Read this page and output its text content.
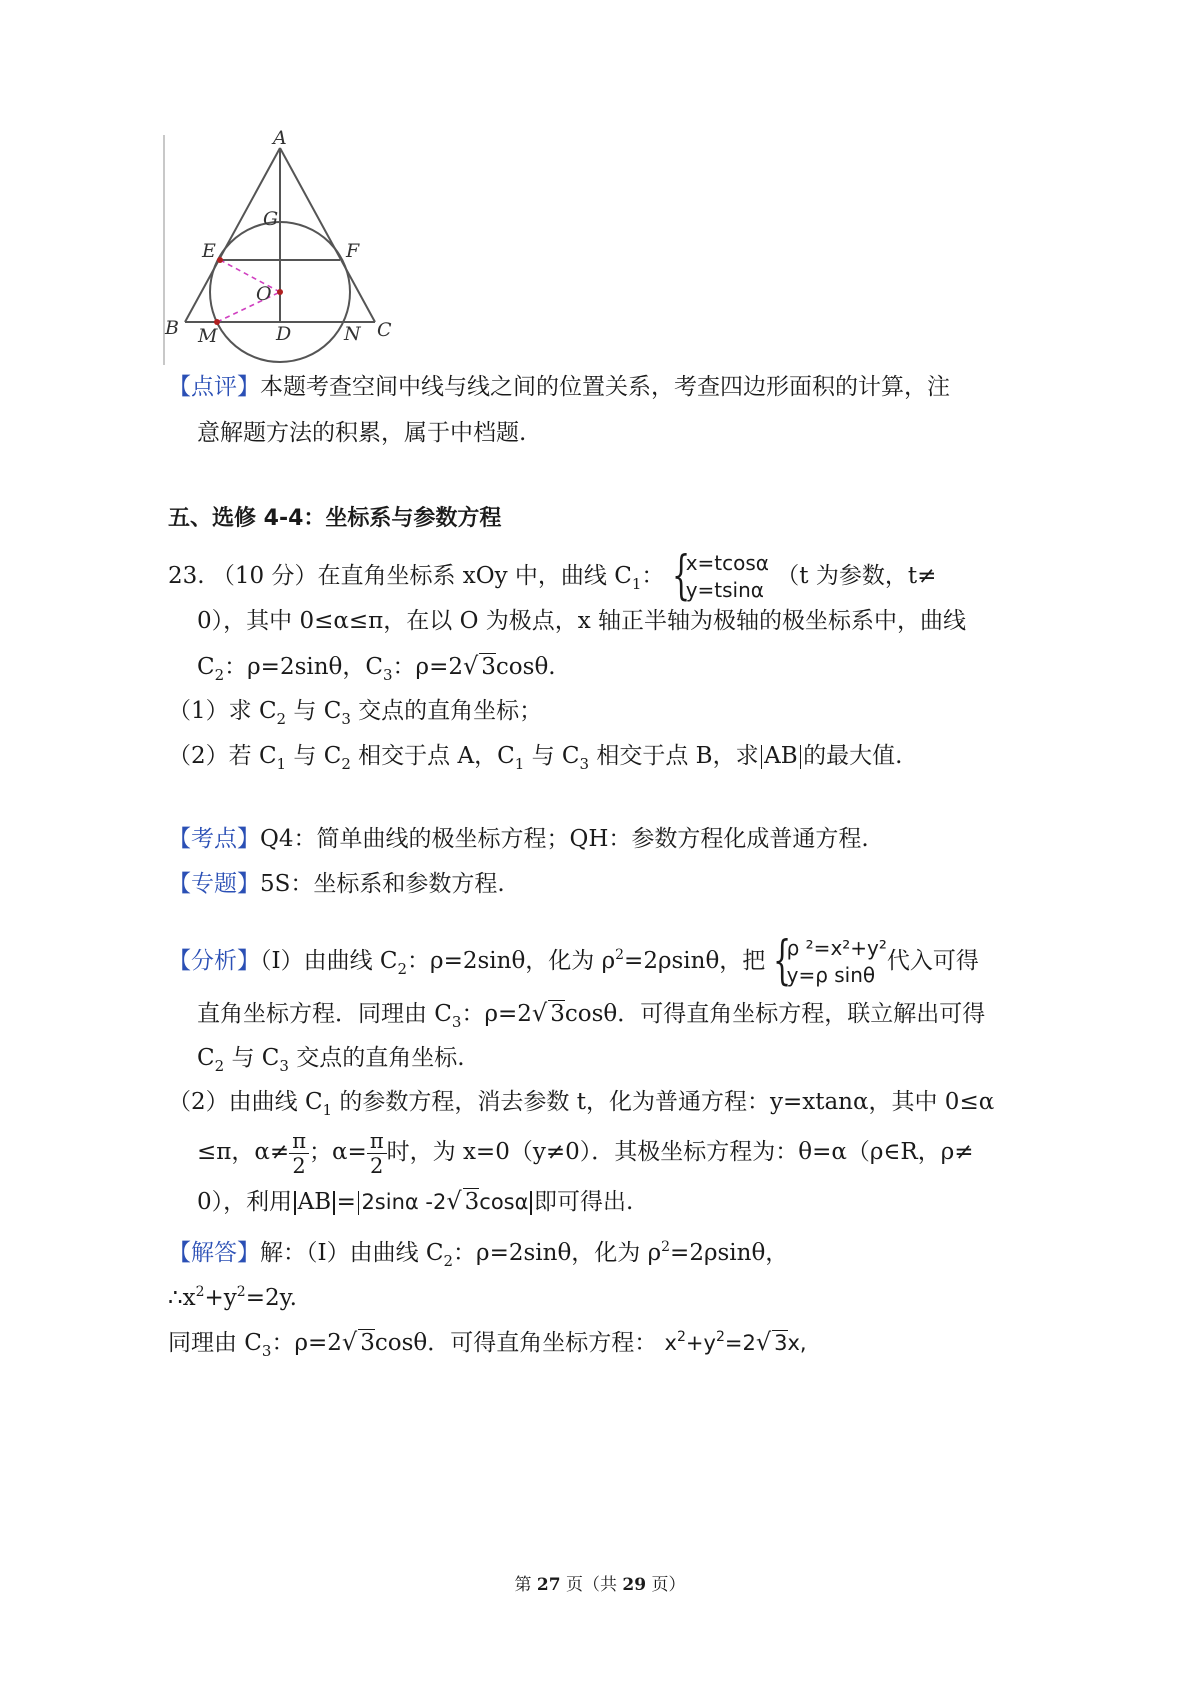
A
B	C
D
E	F
G
O
M	N
【点评】本题考查空间中线与线之间的位置关系，考查四边形面积的计算，注
意解题方法的积累，属于中档题.
五、选修 4-4：坐标系与参数方程
23. （10 分）在直角坐标系 xOy 中，曲线 $C_1$： {
x=tcosα
y=tsinα
（t 为参数，t≠
0），其中 0≤α≤π，在以 O 为极点，x 轴正半轴为极轴的极坐标系中，曲线
$C_2$：ρ=2sinθ，$C_3$：ρ=2√ 3cosθ.
（1）求 $C_2$ 与 $C_3$ 交点的直角坐标；
（2）若 $C_1$ 与 $C_2$ 相交于点 A，$C_1$ 与 $C_3$ 相交于点 B，求 AB 的最大值.
【考点】Q4：简单曲线的极坐标方程；QH：参数方程化成普通方程.
【专题】5S：坐标系和参数方程.
【分析】（I）由曲线 $C_2$：ρ=2sinθ，化为 $\rho^2=2\rho\sin\theta$，把 {
ρ ²=x²+y²
y=ρ sinθ
代入可得
直角坐标方程．同理由 $C_3$：ρ=2√ 3cosθ．可得直角坐标方程，联立解出可得
$C_2$ 与 $C_3$ 交点的直角坐标.
（2）由曲线 $C_1$ 的参数方程，消去参数 t，化为普通方程：y=xtanα，其中 0≤α
≤π，$\alpha\ne \frac{\pi}{2}$ ；$\alpha= \frac{\pi}{2}$ 时，为 x=0（y≠0）．其极坐标方程为：θ=α（ρ∈R，ρ≠
0），利用 AB = 2sinα -2√ 3cosα 即可得出.
【解答】解：（I）由曲线 $C_2$：ρ=2sinθ，化为 $\rho^2=2\rho\sin\theta$，
$\therefore x^2+y^2=2y$.
同理由 $C_3$：ρ=2√ 3cosθ．可得直角坐标方程： $x^2+y^2=2√$ 3x,
第 27 页（共 29 页）
